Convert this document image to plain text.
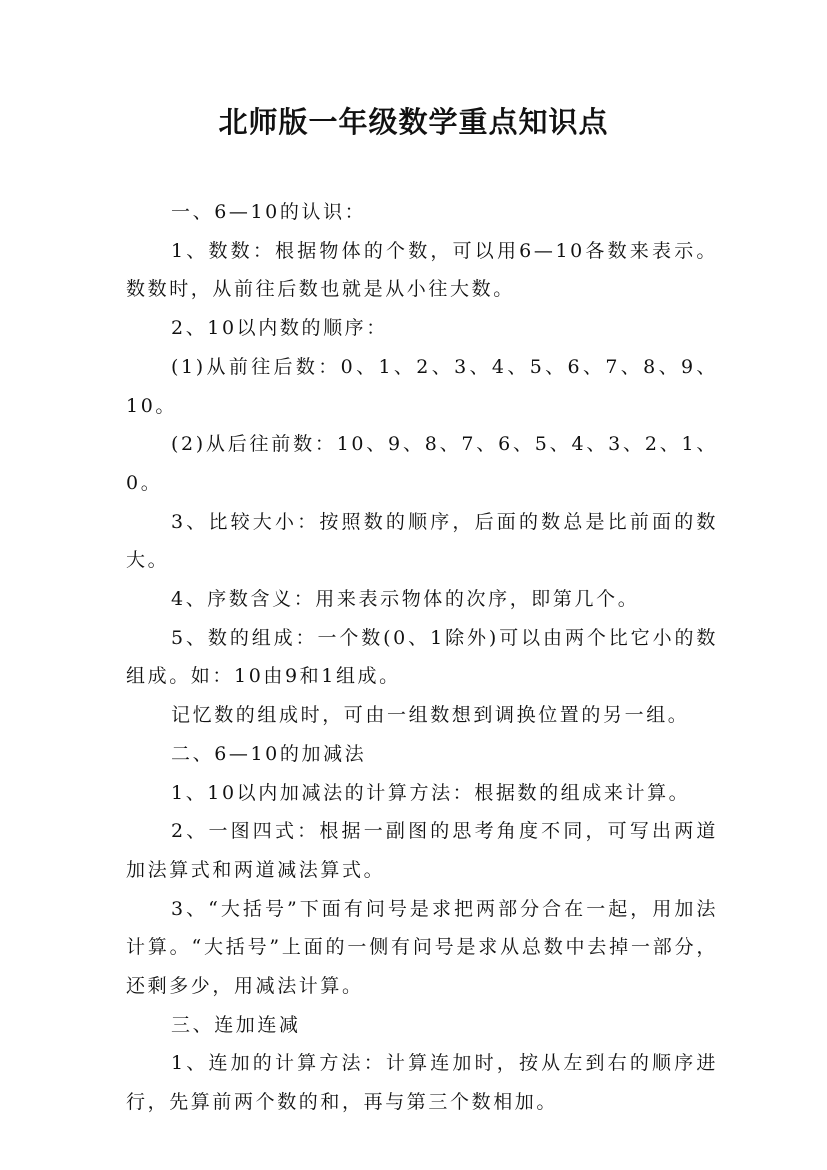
北师版一年级数学重点知识点

一、6—10的认识：

1、数数：根据物体的个数，可以用6—10各数来表示。数数时，从前往后数也就是从小往大数。

2、10以内数的顺序：

(1)从前往后数：0、1、2、3、4、5、6、7、8、9、10。

(2)从后往前数：10、9、8、7、6、5、4、3、2、1、0。

3、比较大小：按照数的顺序，后面的数总是比前面的数大。

4、序数含义：用来表示物体的次序，即第几个。

5、数的组成：一个数(0、1除外)可以由两个比它小的数组成。如：10由9和1组成。

记忆数的组成时，可由一组数想到调换位置的另一组。

二、6—10的加减法

1、10以内加减法的计算方法：根据数的组成来计算。

2、一图四式：根据一副图的思考角度不同，可写出两道加法算式和两道减法算式。

3、“大括号”下面有问号是求把两部分合在一起，用加法计算。“大括号”上面的一侧有问号是求从总数中去掉一部分，还剩多少，用减法计算。

三、连加连减

1、连加的计算方法：计算连加时，按从左到右的顺序进行，先算前两个数的和，再与第三个数相加。
